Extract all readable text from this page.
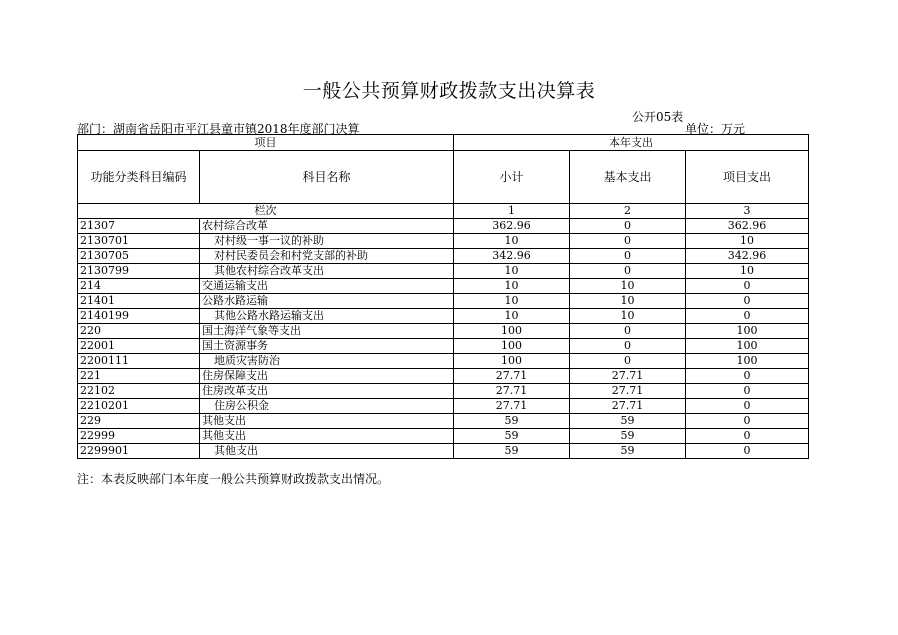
一般公共预算财政拨款支出决算表
公开05表
部门：湖南省岳阳市平江县童市镇2018年度部门决算	单位：万元
项目		本年支出		
功能分类科目编码	科目名称	小计	基本支出	项目支出
栏次		1	2	3
21307	农村综合改革	362.96	0	362.96
2130701	对村级一事一议的补助	10	0	10
2130705	对村民委员会和村党支部的补助	342.96	0	342.96
2130799	其他农村综合改革支出	10	0	10
214	交通运输支出	10	10	0
21401	公路水路运输	10	10	0
2140199	其他公路水路运输支出	10	10	0
220	国土海洋气象等支出	100	0	100
22001	国土资源事务	100	0	100
2200111	地质灾害防治	100	0	100
221	住房保障支出	27.71	27.71	0
22102	住房改革支出	27.71	27.71	0
2210201	住房公积金	27.71	27.71	0
229	其他支出	59	59	0
22999	其他支出	59	59	0
2299901	其他支出	59	59	0
注：本表反映部门本年度一般公共预算财政拨款支出情况。
